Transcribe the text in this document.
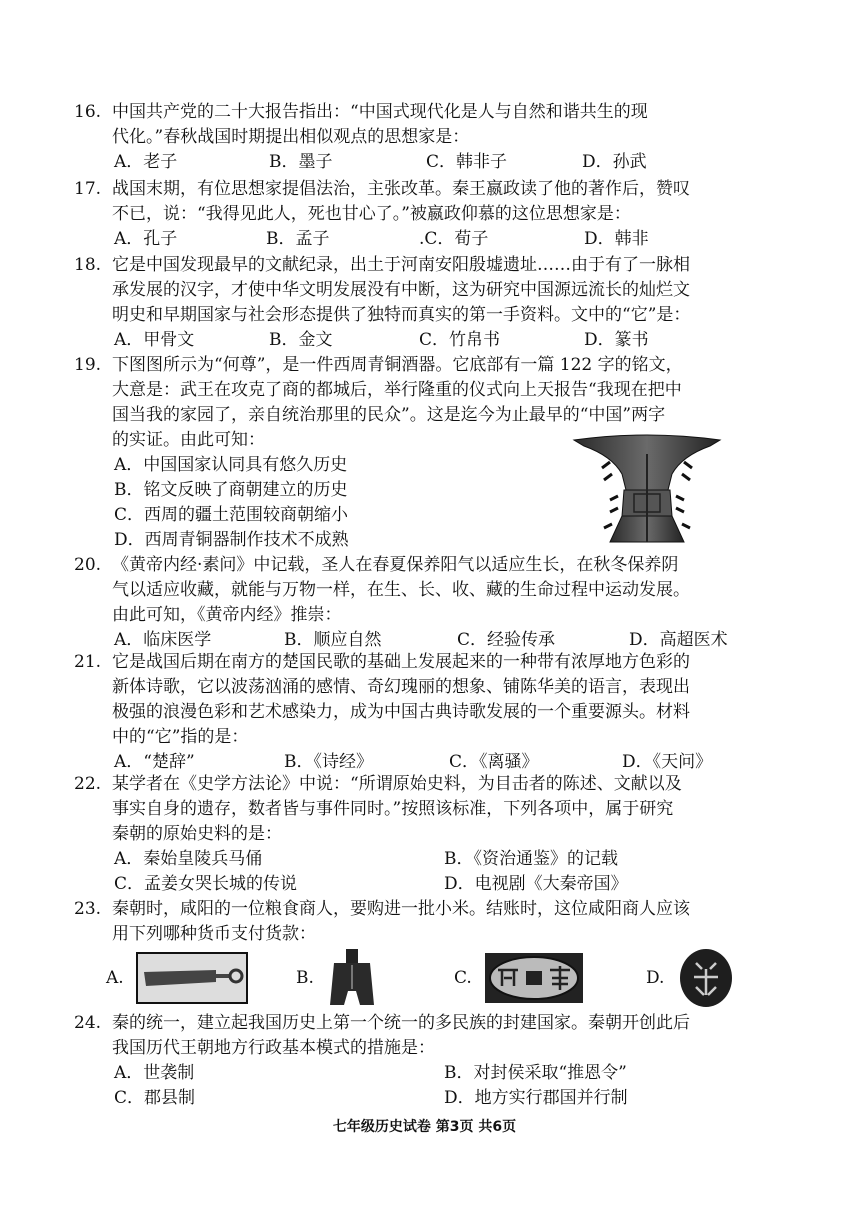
16. 中国共产党的二十大报告指出：“中国式现代化是人与自然和谐共生的现
代化。”春秋战国时期提出相似观点的思想家是：
A．老子	B．墨子	C．韩非子	D．孙武
17. 战国末期，有位思想家提倡法治，主张改革。秦王嬴政读了他的著作后，赞叹
不已，说：“我得见此人，死也甘心了。”被嬴政仰慕的这位思想家是：
A．孔子	B．孟子	.C．荀子	D．韩非
18. 它是中国发现最早的文献纪录，出土于河南安阳殷墟遗址……由于有了一脉相
承发展的汉字，才使中华文明发展没有中断，这为研究中国源远流长的灿烂文
明史和早期国家与社会形态提供了独特而真实的第一手资料。文中的“它”是：
A．甲骨文	B．金文	C．竹帛书	D．篆书
19. 下图图所示为“何尊”，是一件西周青铜酒器。它底部有一篇 122 字的铭文，
大意是：武王在攻克了商的都城后，举行隆重的仪式向上天报告“我现在把中
国当我的家园了，亲自统治那里的民众”。这是迄今为止最早的“中国”两字
的实证。由此可知：
A．中国国家认同具有悠久历史
B．铭文反映了商朝建立的历史
C．西周的疆土范围较商朝缩小
D．西周青铜器制作技术不成熟
20. 《黄帝内经·素问》中记载，圣人在春夏保养阳气以适应生长，在秋冬保养阴
气以适应收藏，就能与万物一样，在生、长、收、藏的生命过程中运动发展。
由此可知，《黄帝内经》推崇：
A．临床医学	B．顺应自然	C．经验传承	D．高超医术
21. 它是战国后期在南方的楚国民歌的基础上发展起来的一种带有浓厚地方色彩的
新体诗歌，它以波荡汹涌的感情、奇幻瑰丽的想象、铺陈华美的语言，表现出
极强的浪漫色彩和艺术感染力，成为中国古典诗歌发展的一个重要源头。材料
中的“它”指的是：
A．“楚辞”	B．《诗经》	C．《离骚》	D．《天问》
22. 某学者在《史学方法论》中说：“所谓原始史料，为目击者的陈述、文献以及
事实自身的遗存，数者皆与事件同时。”按照该标准，下列各项中，属于研究
秦朝的原始史料的是：
A．秦始皇陵兵马俑	B．《资治通鉴》的记载
C．孟姜女哭长城的传说	D．电视剧《大秦帝国》
23. 秦朝时，咸阳的一位粮食商人，要购进一批小米。结账时，这位咸阳商人应该
用下列哪种货币支付货款：
A.	B.	C.	D.
24. 秦的统一，建立起我国历史上第一个统一的多民族的封建国家。秦朝开创此后
我国历代王朝地方行政基本模式的措施是：
A．世袭制	B．对封侯采取“推恩令”
C．郡县制	D．地方实行郡国并行制
七年级历史试卷 第3页 共6页
